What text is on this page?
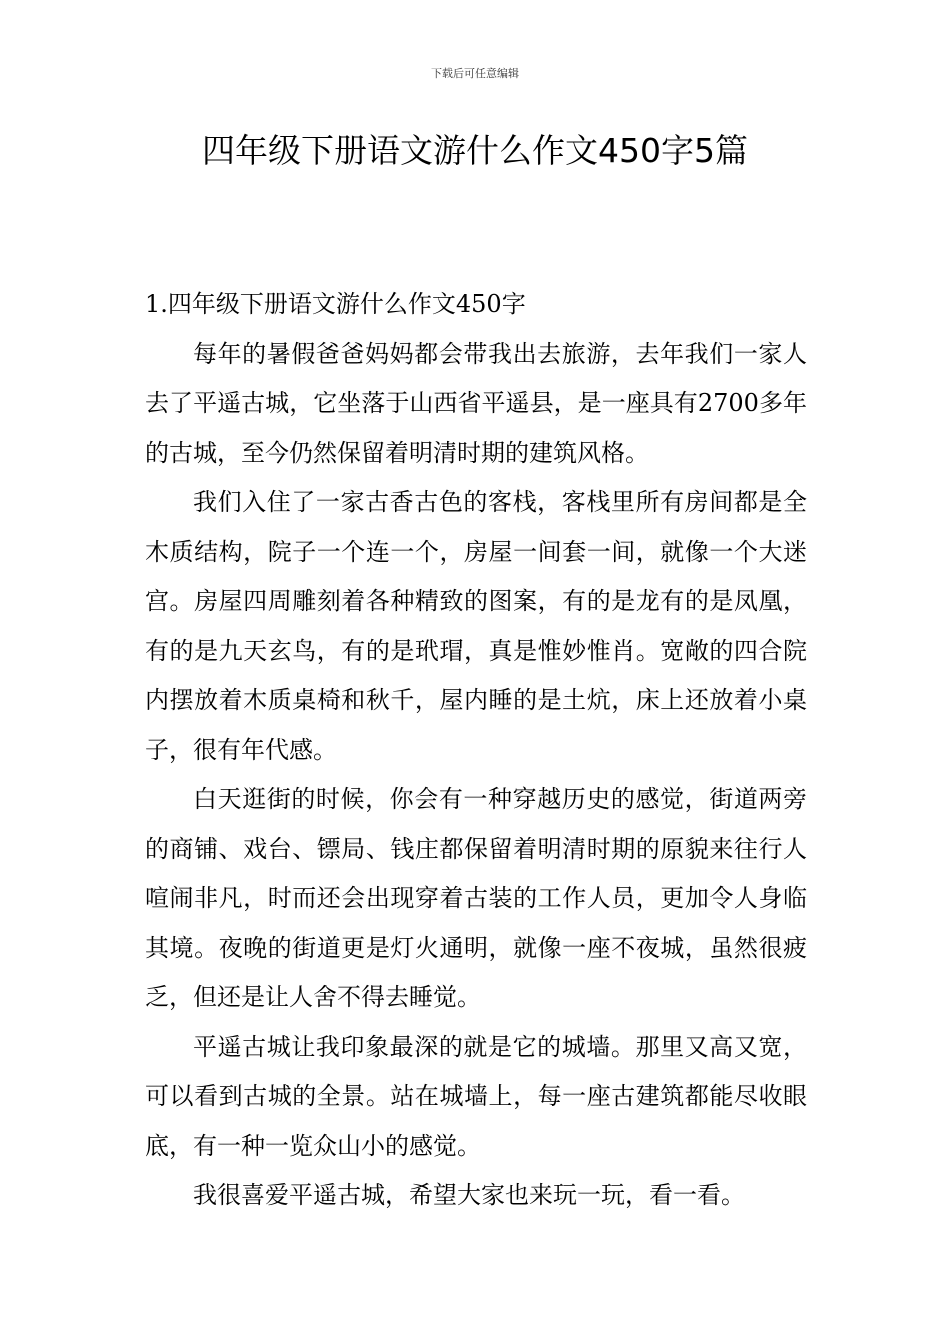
下载后可任意编辑
四年级下册语文游什么作文450字5篇

1.四年级下册语文游什么作文450字

每年的暑假爸爸妈妈都会带我出去旅游，去年我们一家人去了平遥古城，它坐落于山西省平遥县，是一座具有2700多年的古城，至今仍然保留着明清时期的建筑风格。

我们入住了一家古香古色的客栈，客栈里所有房间都是全木质结构，院子一个连一个，房屋一间套一间，就像一个大迷宫。房屋四周雕刻着各种精致的图案，有的是龙有的是凤凰，有的是九天玄鸟，有的是玳瑁，真是惟妙惟肖。宽敞的四合院内摆放着木质桌椅和秋千，屋内睡的是土炕，床上还放着小桌子，很有年代感。

白天逛街的时候，你会有一种穿越历史的感觉，街道两旁的商铺、戏台、镖局、钱庄都保留着明清时期的原貌来往行人喧闹非凡，时而还会出现穿着古装的工作人员，更加令人身临其境。夜晚的街道更是灯火通明，就像一座不夜城，虽然很疲乏，但还是让人舍不得去睡觉。

平遥古城让我印象最深的就是它的城墙。那里又高又宽，可以看到古城的全景。站在城墙上，每一座古建筑都能尽收眼底，有一种一览众山小的感觉。

我很喜爱平遥古城，希望大家也来玩一玩，看一看。
